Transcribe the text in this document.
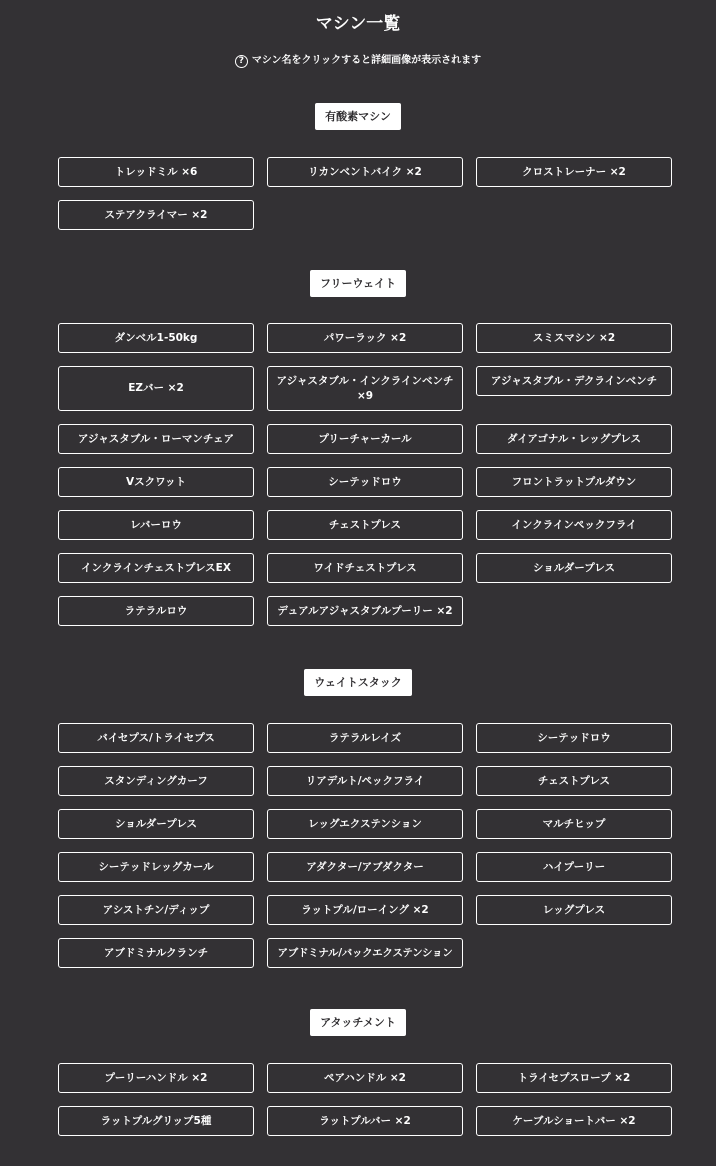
マシン一覧
? マシン名をクリックすると詳細画像が表示されます
有酸素マシン
トレッドミル ×6	リカンベントバイク ×2	クロストレーナー ×2
ステアクライマー ×2
フリーウェイト
ダンベル1-50kg	パワーラック ×2	スミスマシン ×2
EZバー ×2
アジャスタブル・インクラインベンチ ×9
アジャスタブル・デクラインベンチ
アジャスタブル・ローマンチェア	プリーチャーカール	ダイアゴナル・レッグプレス
Vスクワット	シーテッドロウ	フロントラットプルダウン
レバーロウ	チェストプレス	インクラインペックフライ
インクラインチェストプレスEX	ワイドチェストプレス	ショルダープレス
ラテラルロウ	デュアルアジャスタブルプーリー ×2
ウェイトスタック
バイセプス/トライセプス	ラテラルレイズ	シーテッドロウ
スタンディングカーフ	リアデルト/ペックフライ	チェストプレス
ショルダープレス	レッグエクステンション	マルチヒップ
シーテッドレッグカール	アダクター/アブダクター	ハイプーリー
アシストチン/ディップ	ラットプル/ローイング ×2	レッグプレス
アブドミナルクランチ	アブドミナル/バックエクステンション
アタッチメント
プーリーハンドル ×2	ペアハンドル ×2	トライセプスロープ ×2
ラットプルグリップ5種	ラットプルバー ×2	ケーブルショートバー ×2
